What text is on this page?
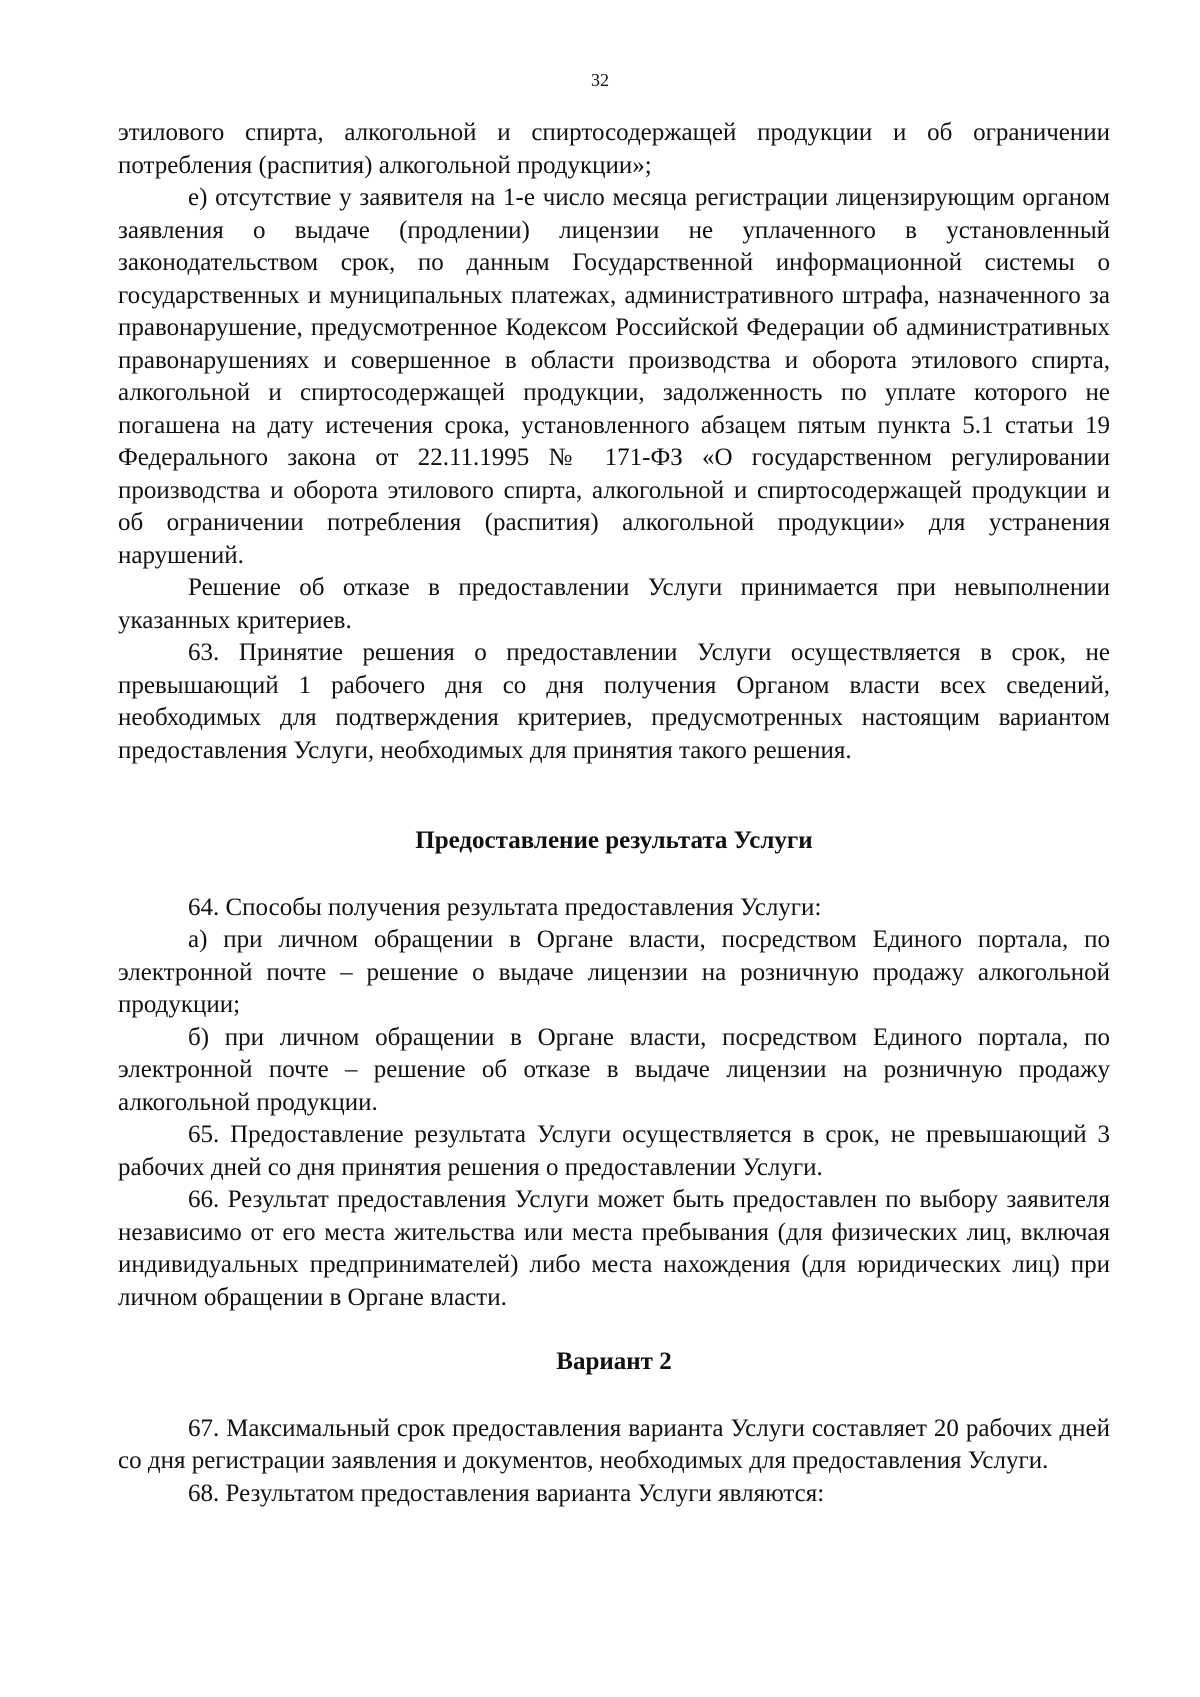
32

этилового спирта, алкогольной и спиртосодержащей продукции и об ограничении потребления (распития) алкогольной продукции»;

е) отсутствие у заявителя на 1-е число месяца регистрации лицензирующим органом заявления о выдаче (продлении) лицензии не уплаченного в установленный законодательством срок, по данным Государственной информационной системы о государственных и муниципальных платежах, административного штрафа, назначенного за правонарушение, предусмотренное Кодексом Российской Федерации об административных правонарушениях и совершенное в области производства и оборота этилового спирта, алкогольной и спиртосодержащей продукции, задолженность по уплате которого не погашена на дату истечения срока, установленного абзацем пятым пункта 5.1 статьи 19 Федерального закона от 22.11.1995 № 171-ФЗ «О государственном регулировании производства и оборота этилового спирта, алкогольной и спиртосодержащей продукции и об ограничении потребления (распития) алкогольной продукции» для устранения нарушений.

Решение об отказе в предоставлении Услуги принимается при невыполнении указанных критериев.

63. Принятие решения о предоставлении Услуги осуществляется в срок, не превышающий 1 рабочего дня со дня получения Органом власти всех сведений, необходимых для подтверждения критериев, предусмотренных настоящим вариантом предоставления Услуги, необходимых для принятия такого решения.

Предоставление результата Услуги

64. Способы получения результата предоставления Услуги:

а) при личном обращении в Органе власти, посредством Единого портала, по электронной почте – решение о выдаче лицензии на розничную продажу алкогольной продукции;

б) при личном обращении в Органе власти, посредством Единого портала, по электронной почте – решение об отказе в выдаче лицензии на розничную продажу алкогольной продукции.

65. Предоставление результата Услуги осуществляется в срок, не превышающий 3 рабочих дней со дня принятия решения о предоставлении Услуги.

66. Результат предоставления Услуги может быть предоставлен по выбору заявителя независимо от его места жительства или места пребывания (для физических лиц, включая индивидуальных предпринимателей) либо места нахождения (для юридических лиц) при личном обращении в Органе власти.

Вариант 2

67. Максимальный срок предоставления варианта Услуги составляет 20 рабочих дней со дня регистрации заявления и документов, необходимых для предоставления Услуги.

68. Результатом предоставления варианта Услуги являются:
